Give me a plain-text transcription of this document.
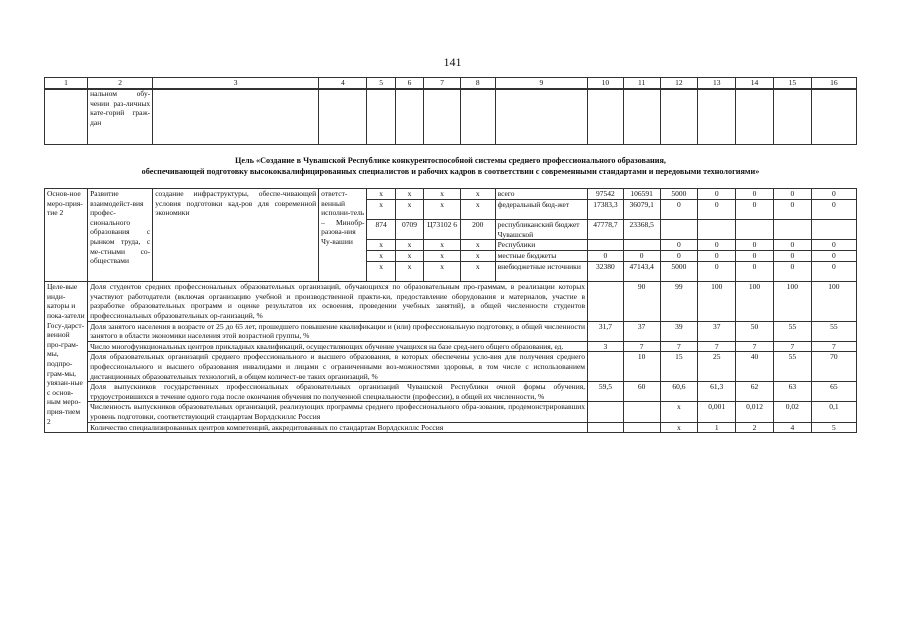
141
1	2	3	4	5	6	7	8	9	10	11	12	13	14	15	16
	нальном обу-чении раз-личных кате-горий граж-дан														
Цель «Создание в Чувашской Республике конкурентоспособной системы среднего профессионального образования,
обеспечивающей подготовку высококвалифицированных специалистов и рабочих кадров в соответствии с современными стандартами и передовыми технологиями»
Основ-ное меро-прия-тие 2	Развитие взаимодейст-вия профес-сионального образования с рынком труда, с ме-стными со-обществами	создание инфраструктуры, обеспе-чивающей условия подготовки кад-ров для современной экономики	ответст-венный исполни-тель – Минобр-разова-ния Чу-вашии	x	x	x	x	всего	97542	106591	5000	0	0	0	0
				x	x	x	x	федеральный бюд-жет	17383,3	36079,1	0	0	0	0	0
				874	0709	Ц73102 6	200	республиканский бюджет Чувашской	47778,7	23368,5					
				x	x	x	x	Республики			0	0	0	0	0
				x	x	x	x	местные бюджеты	0	0	0	0	0	0	0
				x	x	x	x	внебюджетные источники	32380	47143,4	5000	0	0	0	0
Целе-вые инди-каторы и пока-затели Госу-дарст-венной про-грам-мы, подпро-грам-мы, увязан-ные с основ-ным меро-прия-тием 2	Доля студентов средних профессиональных образовательных организаций, обучающихся по образовательным про-граммам, в реализации которых участвуют работодатели (включая организацию учебной и производственной практи-ки, предоставление оборудования и материалов, участие в разработке образовательных программ и оценке результатов их освоения, проведении учебных занятий), в общей численности студентов профессиональных образовательных ор-ганизаций, %									90	99	100	100	100	100
	Доля занятого населения в возрасте от 25 до 65 лет, прошедшего повышение квалификации и (или) профессиональную подготовку, в общей численности занятого в области экономики населения этой возрастной группы, %								31,7	37	39	37	50	55	55
	Число многофункциональных центров прикладных квалификаций, осуществляющих обучение учащихся на базе сред-него общего образования, ед.								3	7	7	7	7	7	7
	Доля образовательных организаций среднего профессионального и высшего образования, в которых обеспечены усло-вия для получения среднего профессионального и высшего образования инвалидами и лицами с ограниченными воз-можностями здоровья, в том числе с использованием дистанционных образовательных технологий, в общем количест-ве таких организаций, %									10	15	25	40	55	70
	Доля выпускников государственных профессиональных образовательных организаций Чувашской Республики очной формы обучения, трудоустроившихся в течение одного года после окончания обучения по полученной специальности (профессии), в общей их численности, %								59,5	60	60,6	61,3	62	63	65
	Численность выпускников образовательных организаций, реализующих программы среднего профессионального обра-зования, продемонстрировавших уровень подготовки, соответствующий стандартам Ворлдскиллс Россия										x	0,001	0,012	0,02	0,1
	Количество специализированных центров компетенций, аккредитованных по стандартам Ворлдскиллс Россия										x	1	2	4	5
